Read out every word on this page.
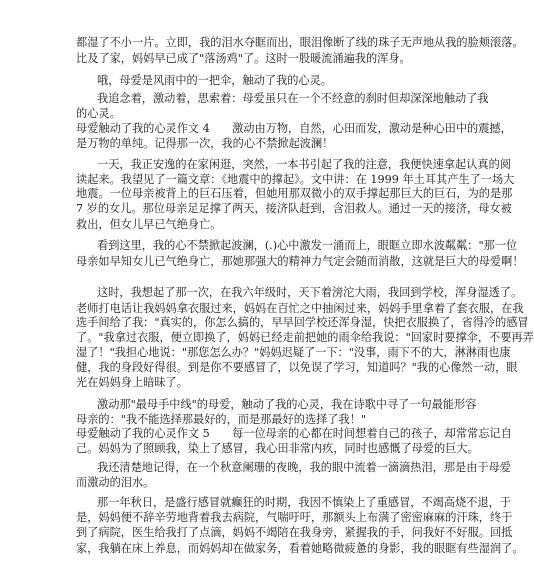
都湿了不小一片。立即，我的泪水夺眶而出，眼泪像断了线的珠子无声地从我的脸颊滚落。
比及了家，妈妈早已成了"落汤鸡"了。这时一股暖流涌遍我的浑身。
哦，母爱是风雨中的一把伞，触动了我的心灵。
我追念着，激动着，思索着：母爱虽只在一个不经意的刹时但却深深地触动了我
的心灵。
母爱触动了我的心灵作文 4　　激动由万物，自然，心田而发，激动是种心田中的震撼，
是万物的单纯。记得那一次，我的心不禁掀起波澜！
一天，我正安逸的在家闲逛，突然，一本书引起了我的注意，我便快速拿起认真的阅
读起来。我望见了一篇文章：《地震中的撑起》。文中讲：在 1999 年土耳其产生了一场大
地震。一位母亲被背上的巨石压着，但她用那双微小的双手撑起那巨大的巨石，为的是那
7 岁的女儿。那位母亲足足撑了两天，接济队赶到，含泪救人。通过一天的接济，母女被
救出，但女儿早已气绝身亡。
看到这里，我的心不禁掀起波澜，(.)心中激发一涌而上，眼眶立即水波粼粼："那一位
母亲如早知女儿已气绝身亡，那她那强大的精神力气定会随而消散，这就是巨大的母爱啊！
这时，我想起了那一次，在我六年级时，天下着滂沱大雨，我回到学校，浑身湿透了。
老师打电话让我妈妈拿衣服过来，妈妈在百忙之中抽闲过来，妈妈手里拿着了套衣服，在我
选手间给了我："真实的，你怎么搞的，早早回学校还浑身湿，快把衣服换了，省得冷的感冒
了。"我拿过衣服，便立即换了，妈妈已经走前把她的雨伞给我说："回家时要撑伞，不要再弄
湿了！"我担心地说："那您怎么办？"妈妈迟疑了一下："没事，雨下不的大，淋淋雨也康
健，我的身段好得很。到是你不要感冒了，以免误了学习，知道吗？"我的心像然一动，眼
光在妈妈身上暗昧了。
激动那"最母手中线"的母爱，触动了我的心灵，我在诗歌中寻了一句最能形容
母亲的："我不能选择那最好的，而是那最好的选择了我！"
母爱触动了我的心灵作文 5　　每一位母亲的心都在时间想着自己的孩子，却常常忘记自
己。妈妈为了照顾我，染上了感冒，我心田非常内疚，同时也感慨了母爱的巨大。
我还清楚地记得，在一个秋意阑珊的夜晚，我的眼中流着一滴滴热泪，那是由于母爱
而激动的泪水。
那一年秋日，是盛行感冒就癫狂的时期，我因不慎染上了重感冒，不竭高烧不退，于
是，妈妈便不辞辛劳地背着我去病院，气喘吁吁，那额头上布满了密密麻麻的汗珠，终于
到了病院，医生给我打了点滴，妈妈不竭陪在我身旁，紧握我的手，问我好不好服。回抵
家，我躺在床上养息，而妈妈却在做家务，看着她略微疲惫的身影，我的眼眶有些湿润了。
